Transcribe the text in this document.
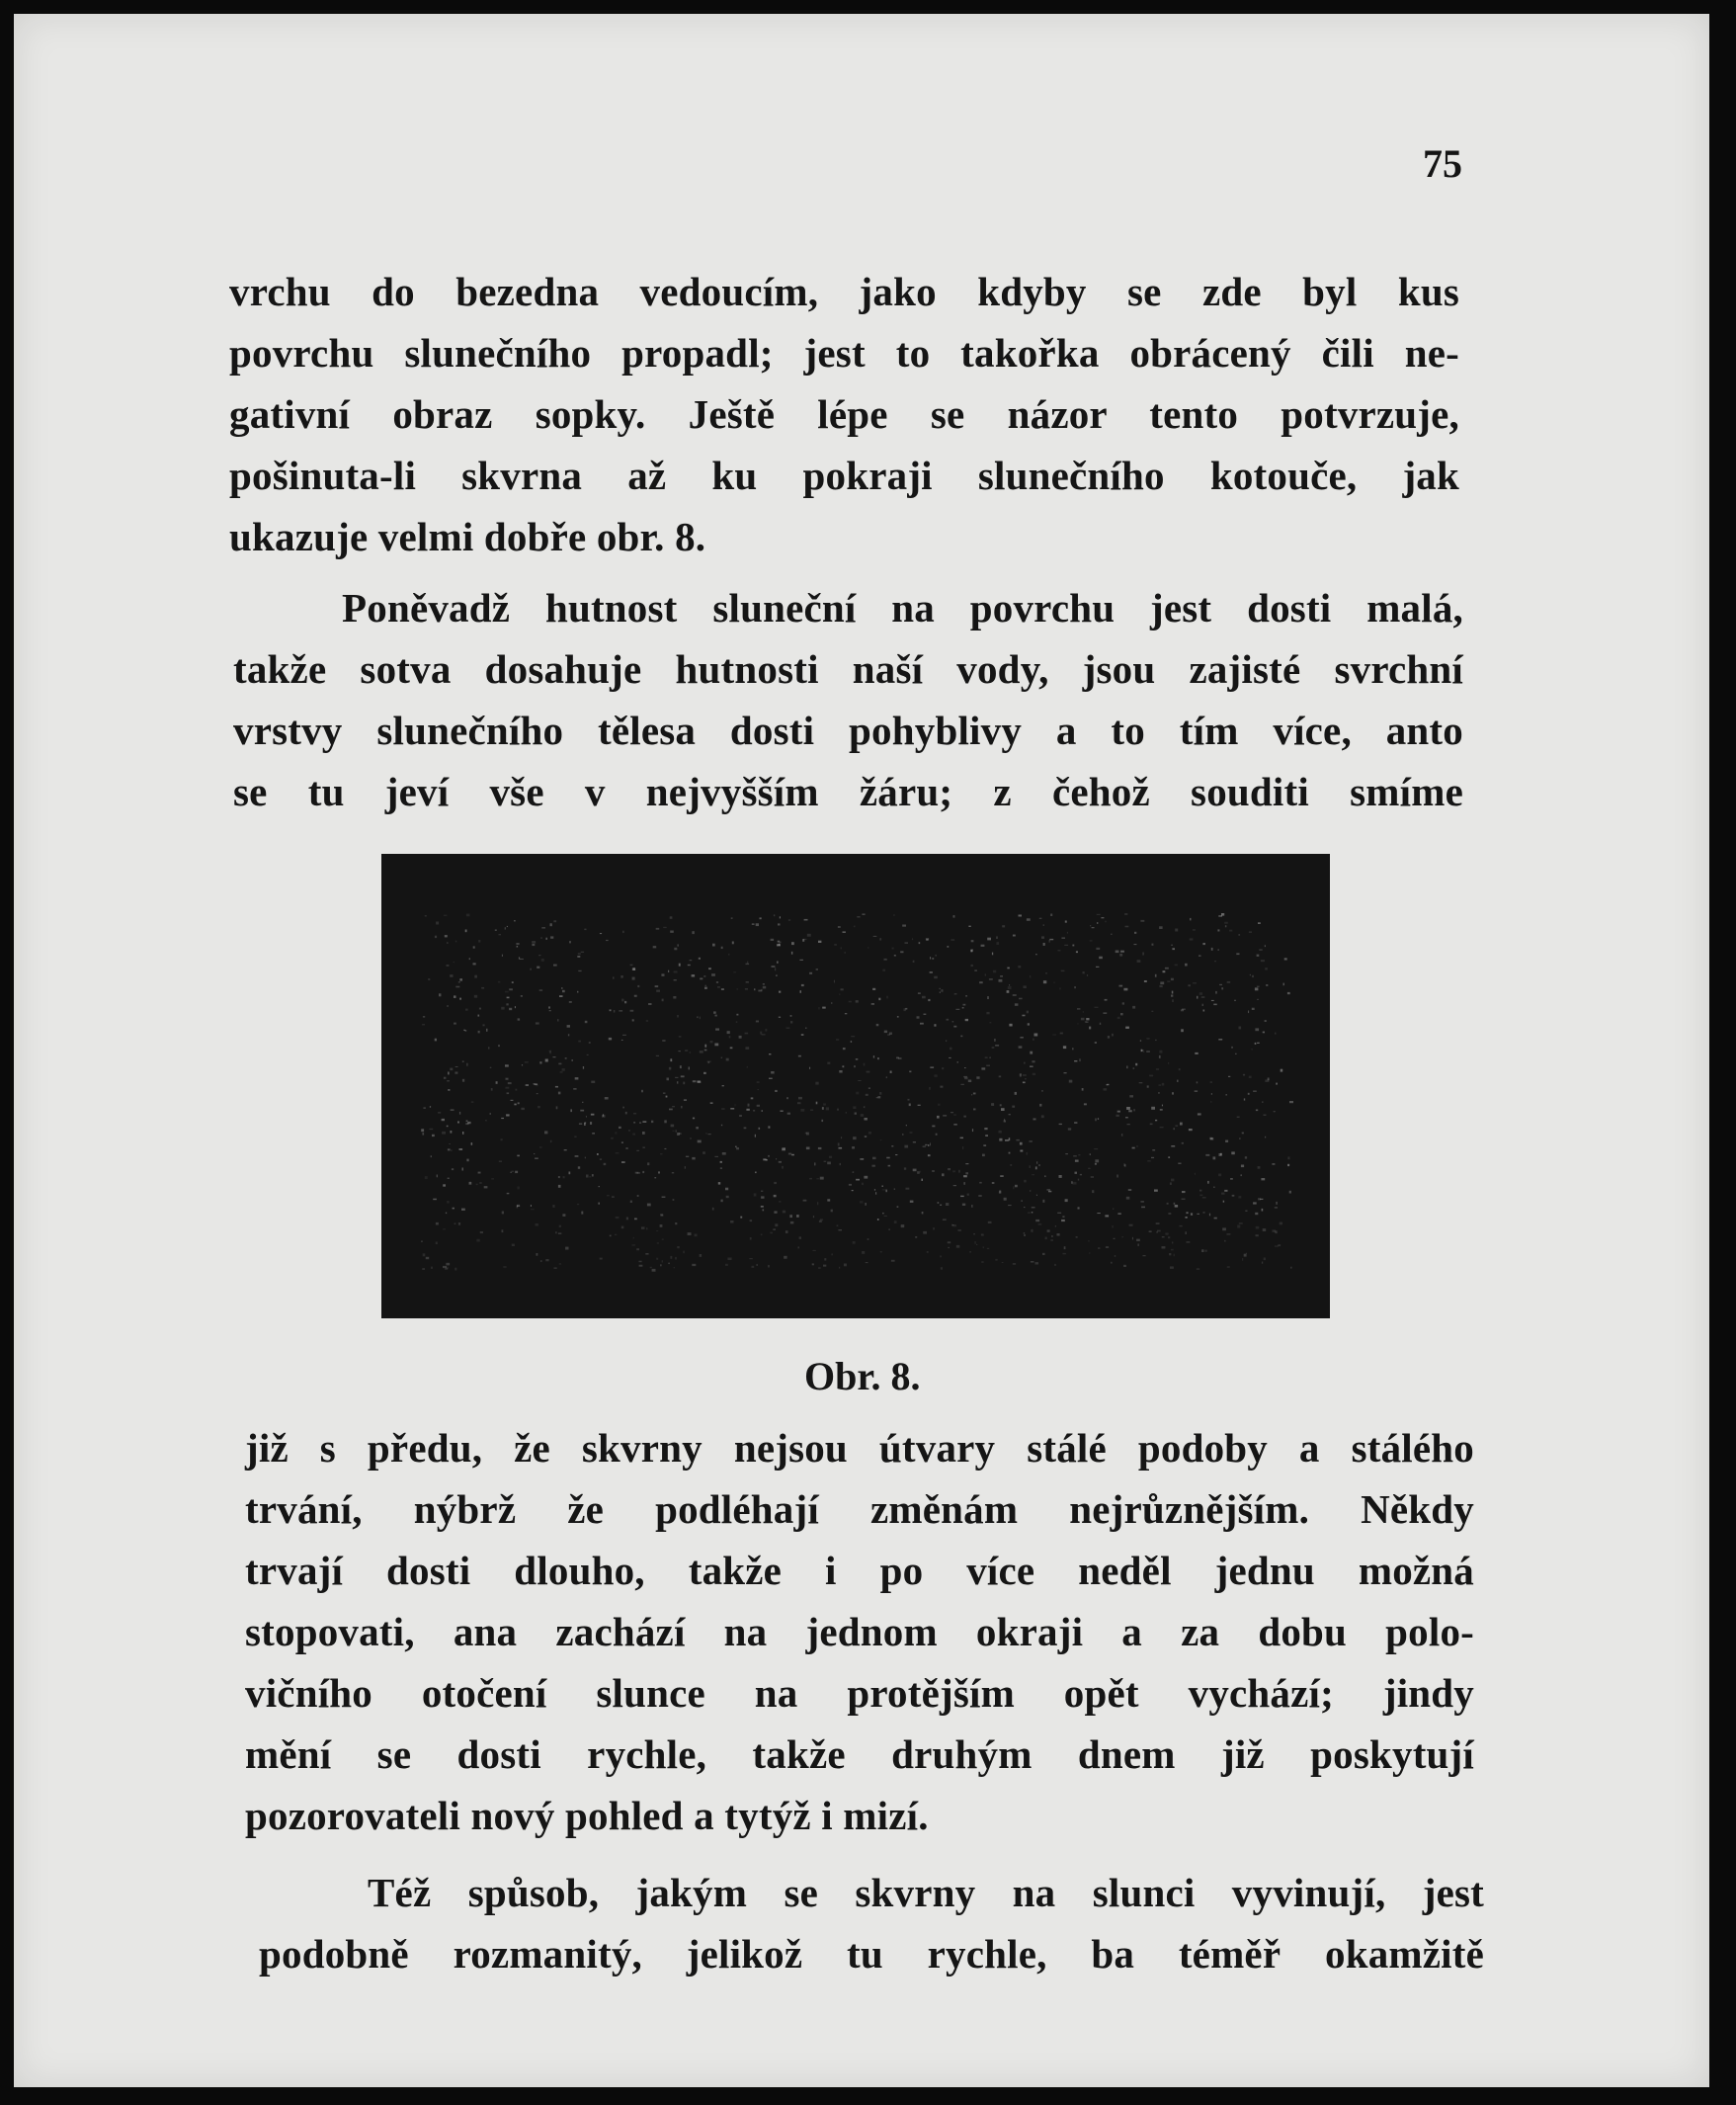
75

vrchu do bezedna vedoucím, jako kdyby se zde byl kus
povrchu slunečního propadl; jest to takořka obrácený čili ne-
gativní obraz sopky. Ještě lépe se názor tento potvrzuje,
pošinuta-li skvrna až ku pokraji slunečního kotouče, jak
ukazuje velmi dobře obr. 8.

Poněvadž hutnost sluneční na povrchu jest dosti malá,
takže sotva dosahuje hutnosti naší vody, jsou zajisté svrchní
vrstvy slunečního tělesa dosti pohyblivy a to tím více, anto
se tu jeví vše v nejvyšším žáru; z čehož souditi smíme

Obr. 8.

již s předu, že skvrny nejsou útvary stálé podoby a stálého
trvání, nýbrž že podléhají změnám nejrůznějším. Někdy
trvají dosti dlouho, takže i po více neděl jednu možná
stopovati, ana zachází na jednom okraji a za dobu polo-
vičního otočení slunce na protějším opět vychází; jindy
mění se dosti rychle, takže druhým dnem již poskytují
pozorovateli nový pohled a tytýž i mizí.

Též spůsob, jakým se skvrny na slunci vyvinují, jest
podobně rozmanitý, jelikož tu rychle, ba téměř okamžitě
